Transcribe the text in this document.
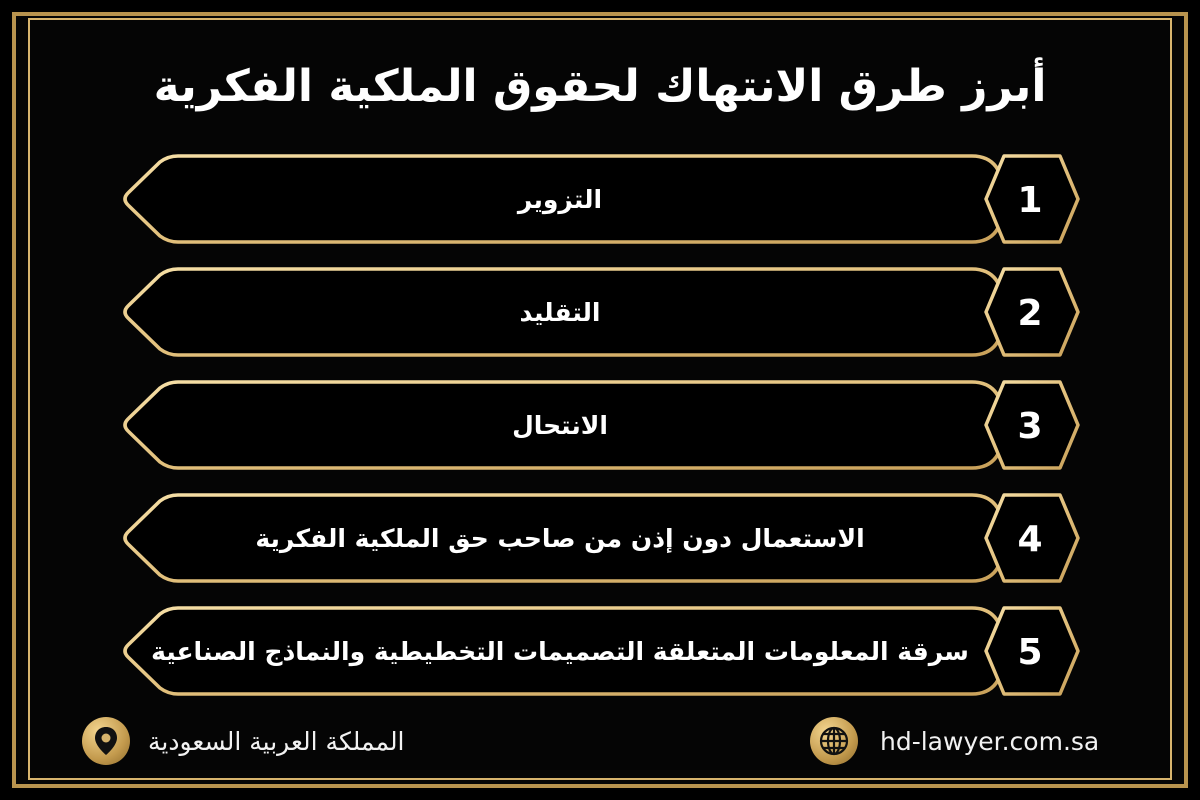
أبرز طرق الانتهاك لحقوق الملكية الفكرية
التزوير
التقليد
الانتحال
الاستعمال دون إذن من صاحب حق الملكية الفكرية
سرقة المعلومات المتعلقة التصميمات التخطيطية والنماذج الصناعية
1
2
3
4
5
المملكة العربية السعودية	hd-lawyer.com.sa
